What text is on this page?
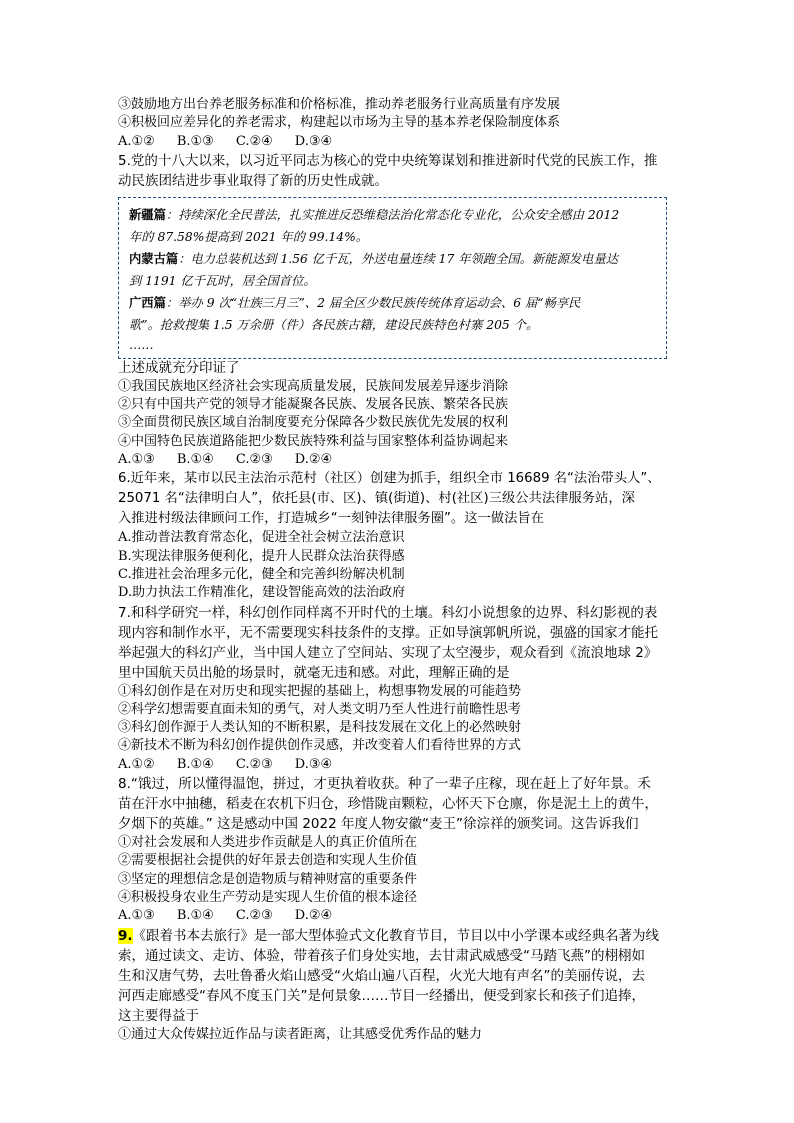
③鼓励地方出台养老服务标准和价格标准，推动养老服务行业高质量有序发展
④积极回应差异化的养老需求，构建起以市场为主导的基本养老保险制度体系
A.①② B.①③ C.②④ D.③④
5.党的十八大以来，以习近平同志为核心的党中央统筹谋划和推进新时代党的民族工作，推
动民族团结进步事业取得了新的历史性成就。
新疆篇：持续深化全民普法，扎实推进反恐维稳法治化常态化专业化，公众安全感由 2012
年的 87.58%提高到 2021 年的 99.14%。
内蒙古篇：电力总装机达到 1.56 亿千瓦，外送电量连续 17 年领跑全国。新能源发电量达
到 1191 亿千瓦时，居全国首位。
广西篇：举办 9 次“壮族三月三”、2 届全区少数民族传统体育运动会、6 届“畅享民
歌”。抢救搜集 1.5 万余册（件）各民族古籍，建设民族特色村寨 205 个。
……
上述成就充分印证了
①我国民族地区经济社会实现高质量发展，民族间发展差异逐步消除
②只有中国共产党的领导才能凝聚各民族、发展各民族、繁荣各民族
③全面贯彻民族区域自治制度要充分保障各少数民族优先发展的权利
④中国特色民族道路能把少数民族特殊利益与国家整体利益协调起来
A.①③ B.①④ C.②③ D.②④
6.近年来，某市以民主法治示范村（社区）创建为抓手，组织全市 16689 名“法治带头人”、
25071 名“法律明白人”，依托县(市、区)、镇(街道)、村(社区)三级公共法律服务站，深
入推进村级法律顾问工作，打造城乡“一刻钟法律服务圈”。这一做法旨在
A.推动普法教育常态化，促进全社会树立法治意识
B.实现法律服务便利化，提升人民群众法治获得感
C.推进社会治理多元化，健全和完善纠纷解决机制
D.助力执法工作精准化，建设智能高效的法治政府
7.和科学研究一样，科幻创作同样离不开时代的土壤。科幻小说想象的边界、科幻影视的表
现内容和制作水平，无不需要现实科技条件的支撑。正如导演郭帆所说，强盛的国家才能托
举起强大的科幻产业，当中国人建立了空间站、实现了太空漫步，观众看到《流浪地球 2》
里中国航天员出舱的场景时，就毫无违和感。对此，理解正确的是
①科幻创作是在对历史和现实把握的基础上，构想事物发展的可能趋势
②科学幻想需要直面未知的勇气，对人类文明乃至人性进行前瞻性思考
③科幻创作源于人类认知的不断积累，是科技发展在文化上的必然映射
④新技术不断为科幻创作提供创作灵感，并改变着人们看待世界的方式
A.①② B.①④ C.②③ D.③④
8.“饿过，所以懂得温饱，拼过，才更执着收获。种了一辈子庄稼，现在赶上了好年景。禾
苗在汗水中抽穗，稻麦在农机下归仓，珍惜陇亩颗粒，心怀天下仓廪，你是泥土上的黄牛，
夕烟下的英雄。” 这是感动中国 2022 年度人物安徽“麦王”徐淙祥的颁奖词。这告诉我们
①对社会发展和人类进步作贡献是人的真正价值所在
②需要根据社会提供的好年景去创造和实现人生价值
③坚定的理想信念是创造物质与精神财富的重要条件
④积极投身农业生产劳动是实现人生价值的根本途径
A.①③ B.①④ C.②③ D.②④
9.《跟着书本去旅行》是一部大型体验式文化教育节目，节目以中小学课本或经典名著为线
索，通过读文、走访、体验，带着孩子们身处实地，去甘肃武威感受“马踏飞燕”的栩栩如
生和汉唐气势，去吐鲁番火焰山感受“火焰山遍八百程，火光大地有声名”的美丽传说，去
河西走廊感受“春风不度玉门关”是何景象……节目一经播出，便受到家长和孩子们追捧，
这主要得益于
①通过大众传媒拉近作品与读者距离，让其感受优秀作品的魅力
